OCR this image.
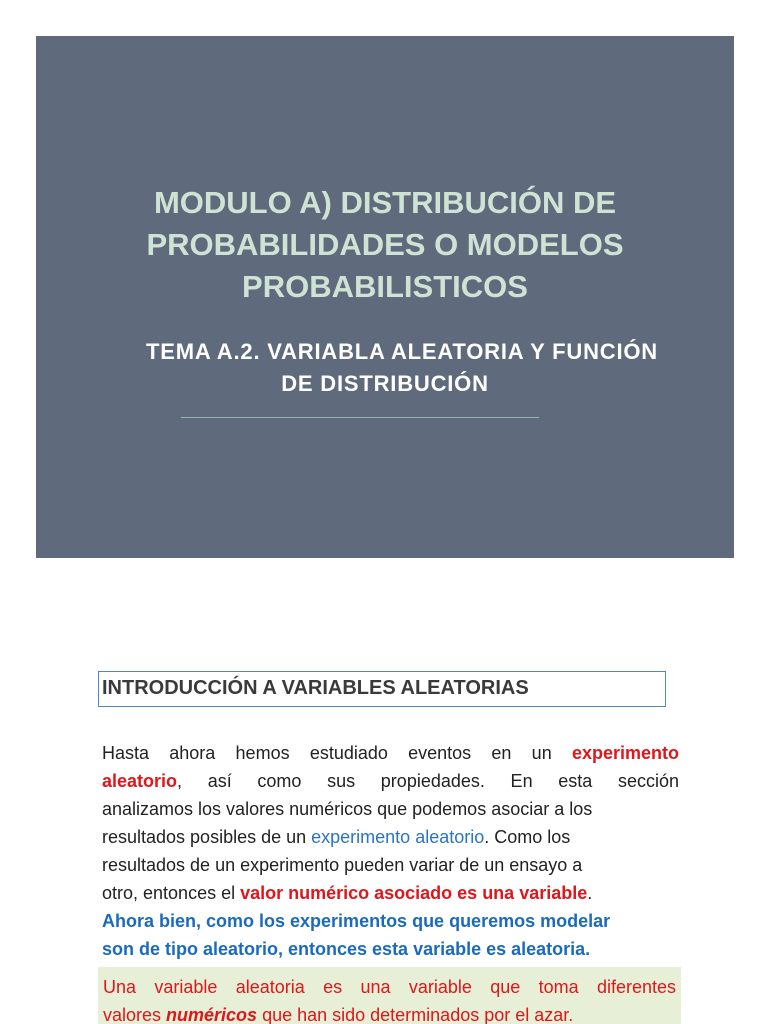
MODULO A) DISTRIBUCIÓN DE
PROBABILIDADES O MODELOS
PROBABILISTICOS
TEMA A.2. VARIABLA ALEATORIA Y FUNCIÓN
DE DISTRIBUCIÓN
INTRODUCCIÓN A VARIABLES ALEATORIAS

Hasta ahora hemos estudiado eventos en un experimento
aleatorio, así como sus propiedades. En esta sección
analizamos los valores numéricos que podemos asociar a los
resultados posibles de un experimento aleatorio. Como los
resultados de un experimento pueden variar de un ensayo a
otro, entonces el valor numérico asociado es una variable.
Ahora bien, como los experimentos que queremos modelar
son de tipo aleatorio, entonces esta variable es aleatoria.

Una variable aleatoria es una variable que toma diferentes
valores numéricos que han sido determinados por el azar.
